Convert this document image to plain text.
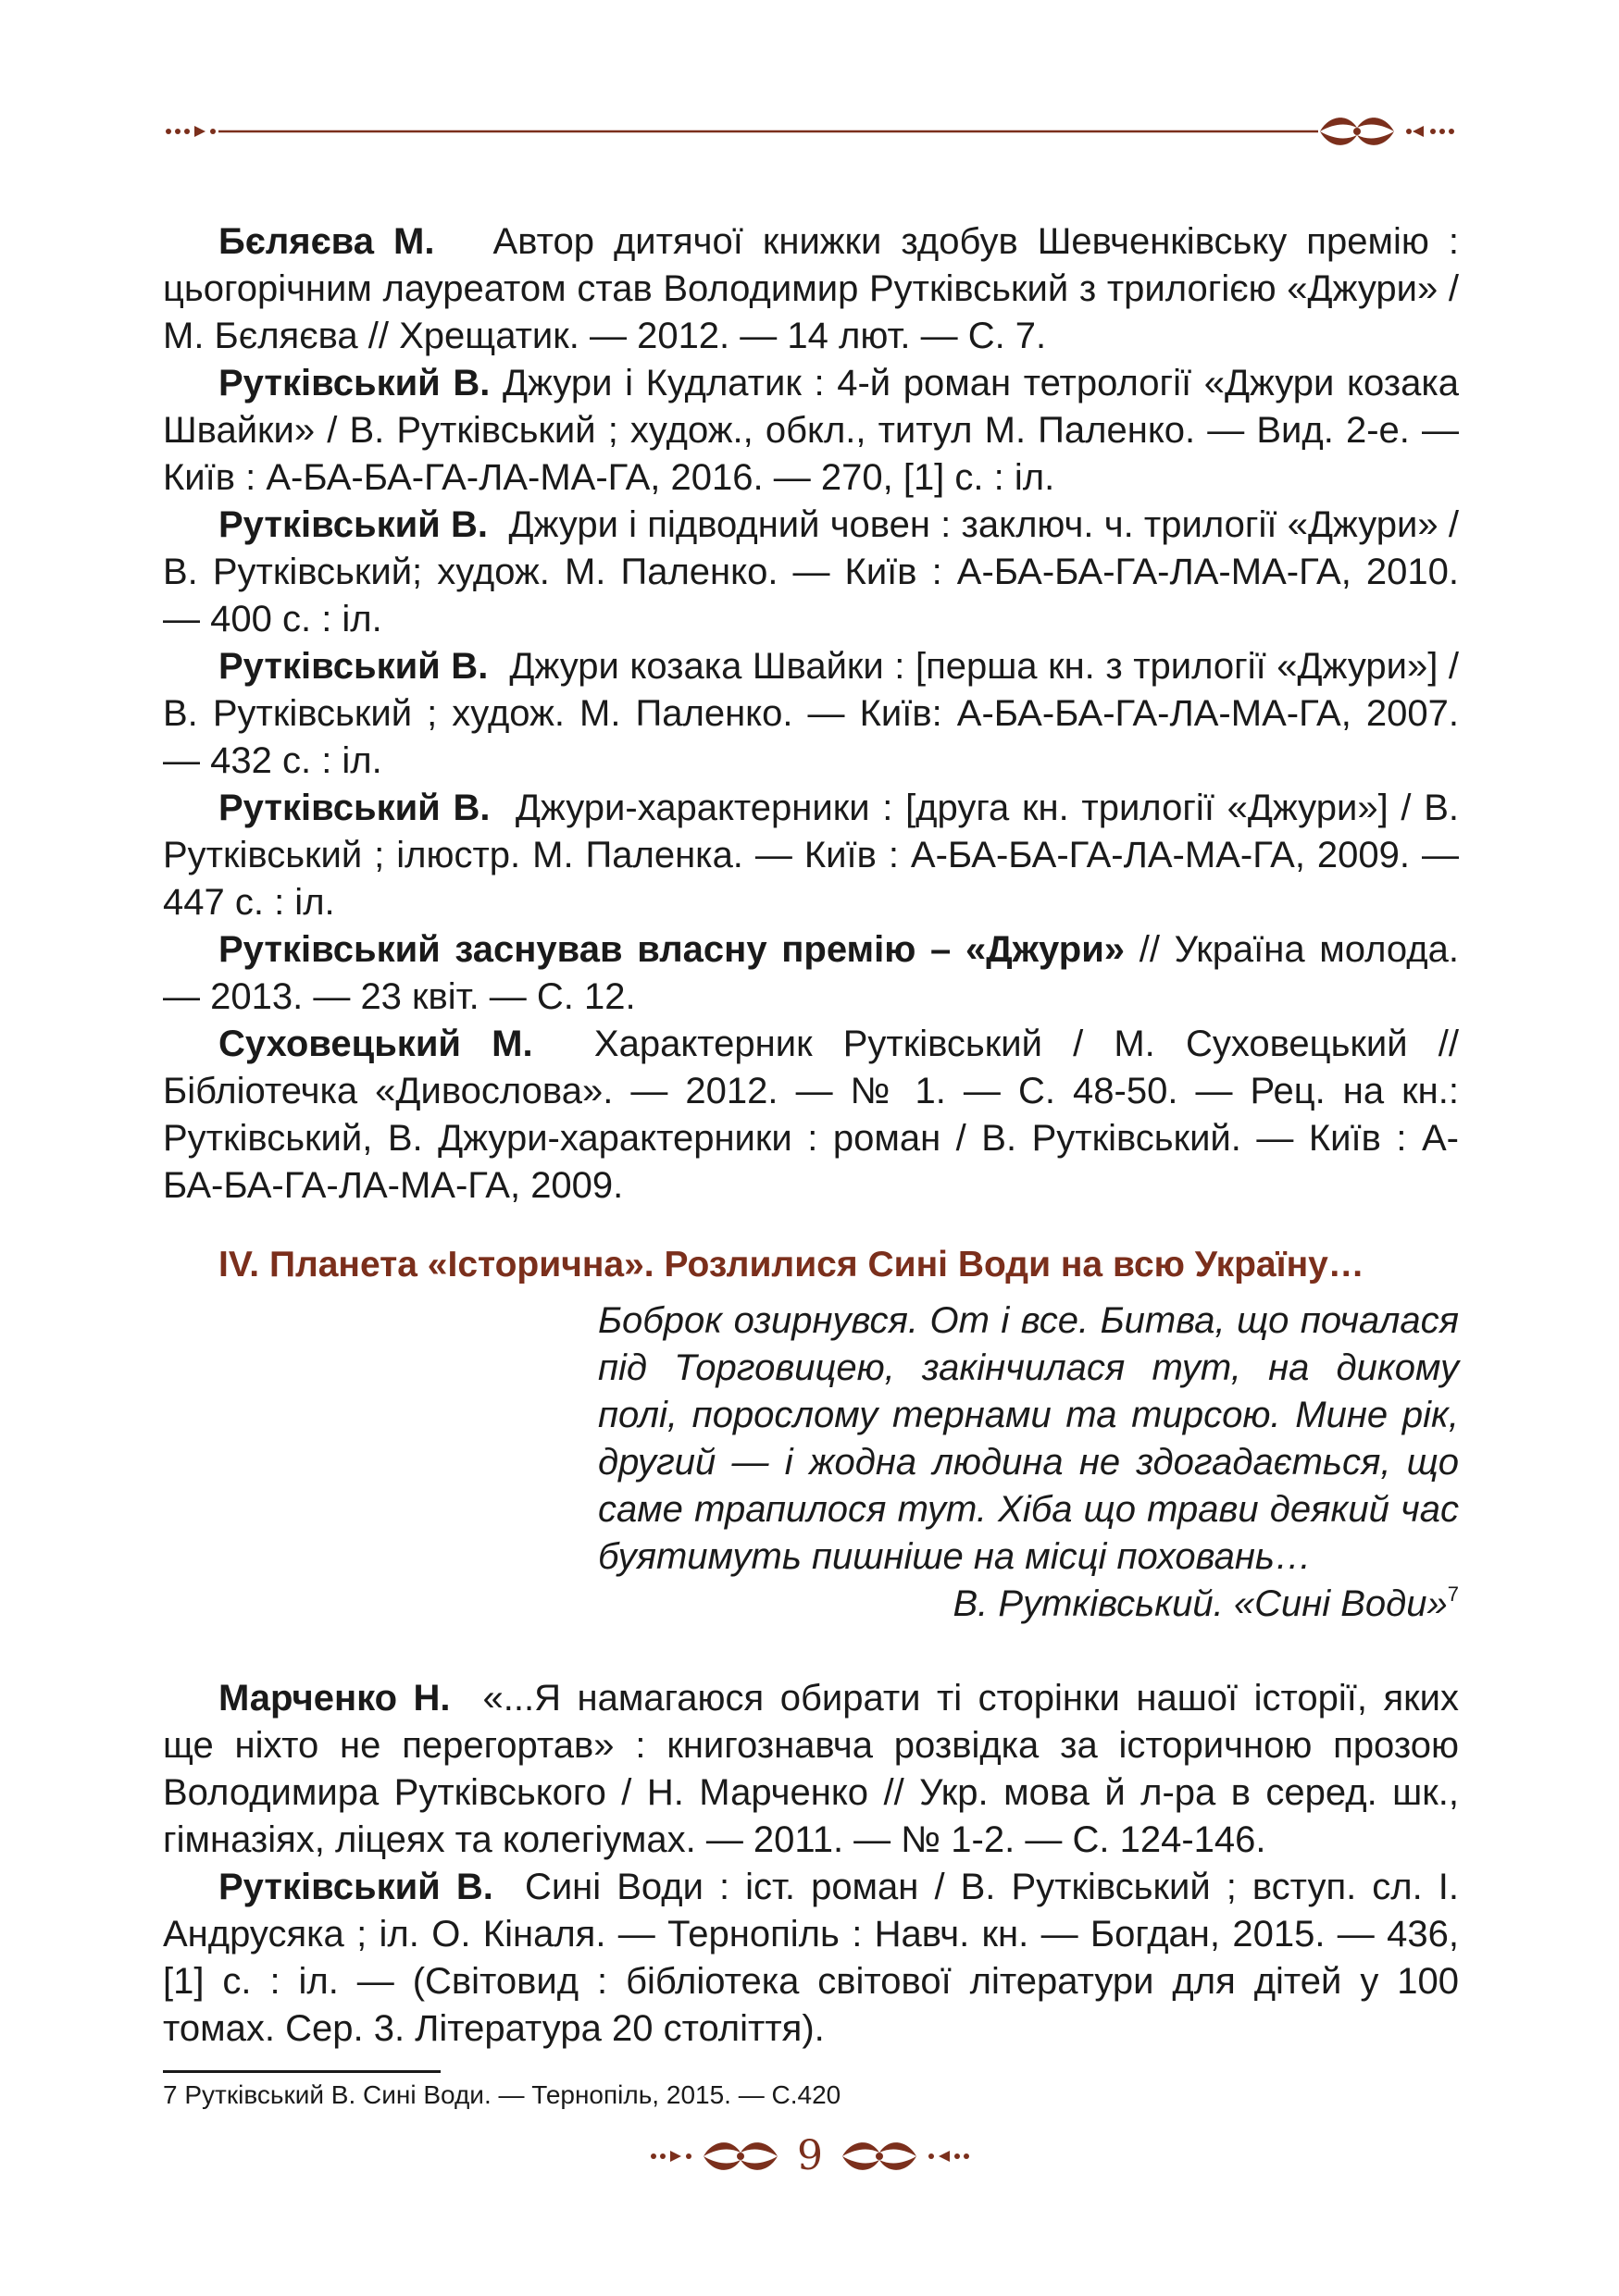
Бєляєва М. Автор дитячої книжки здобув Шевченківську премію : цьогорічним лауреатом став Володимир Рутківський з трилогією «Джури» / М. Бєляєва // Хрещатик. — 2012. — 14 лют. — С. 7.

Рутківський В. Джури і Кудлатик : 4-й роман тетрології «Джури козака Швайки» / В. Рутківський ; худож., обкл., титул М. Паленко. — Вид. 2-е. —Київ : А-БА-БА-ГА-ЛА-МА-ГА, 2016. — 270, [1] с. : іл.

Рутківський В. Джури і підводний човен : заключ. ч. трилогії «Джури» / В. Рутківський; худож. М. Паленко. — Київ : А-БА-БА-ГА-ЛА-МА-ГА, 2010. — 400 с. : іл.

Рутківський В. Джури козака Швайки : [перша кн. з трилогії «Джури»] / В. Рутківський ; худож. М. Паленко. — Київ: А-БА-БА-ГА-ЛА-МА-ГА, 2007. — 432 с. : іл.

Рутківський В. Джури-характерники : [друга кн. трилогії «Джури»] / В. Рутківський ; ілюстр. М. Паленка. — Київ : А-БА-БА-ГА-ЛА-МА-ГА, 2009. — 447 с. : іл.

Рутківський заснував власну премію – «Джури» // Україна молода. — 2013. — 23 квіт. — С. 12.

Суховецький М. Характерник Рутківський / М. Суховецький // Бібліотечка «Дивослова». — 2012. — № 1. — С. 48-50. — Рец. на кн.: Рутківський, В. Джури-характерники : роман / В. Рутківський. — Київ : А-БА-БА-ГА-ЛА-МА-ГА, 2009.

IV. Планета «Історична». Розлилися Сині Води на всю Україну…
Боброк озирнувся. От і все. Битва, що почалася під Торговицею, закінчилася тут, на дикому полі, порослому тернами та тирсою. Мине рік, другий — і жодна людина не здогадається, що саме трапилося тут. Хіба що трави деякий час буятимуть пишніше на місці поховань…
В. Рутківський. «Сині Води»$^7$

Марченко Н. «...Я намагаюся обирати ті сторінки нашої історії, яких ще ніхто не перегортав» : книгознавча розвідка за історичною прозою Володимира Рутківського / Н. Марченко // Укр. мова й л-ра в серед. шк., гімназіях, ліцеях та колегіумах. — 2011. — № 1-2. — С. 124-146.

Рутківський В. Сині Води : іст. роман / В. Рутківський ; вступ. сл. І. Андрусяка ; іл. О. Кіналя. — Тернопіль : Навч. кн. — Богдан, 2015. — 436, [1] с. : іл. — (Світовид : бібліотека світової літератури для дітей у 100 томах. Сер. 3. Література 20 століття).

7 Рутківський В. Сині Води. — Тернопіль, 2015. — С.420
9
